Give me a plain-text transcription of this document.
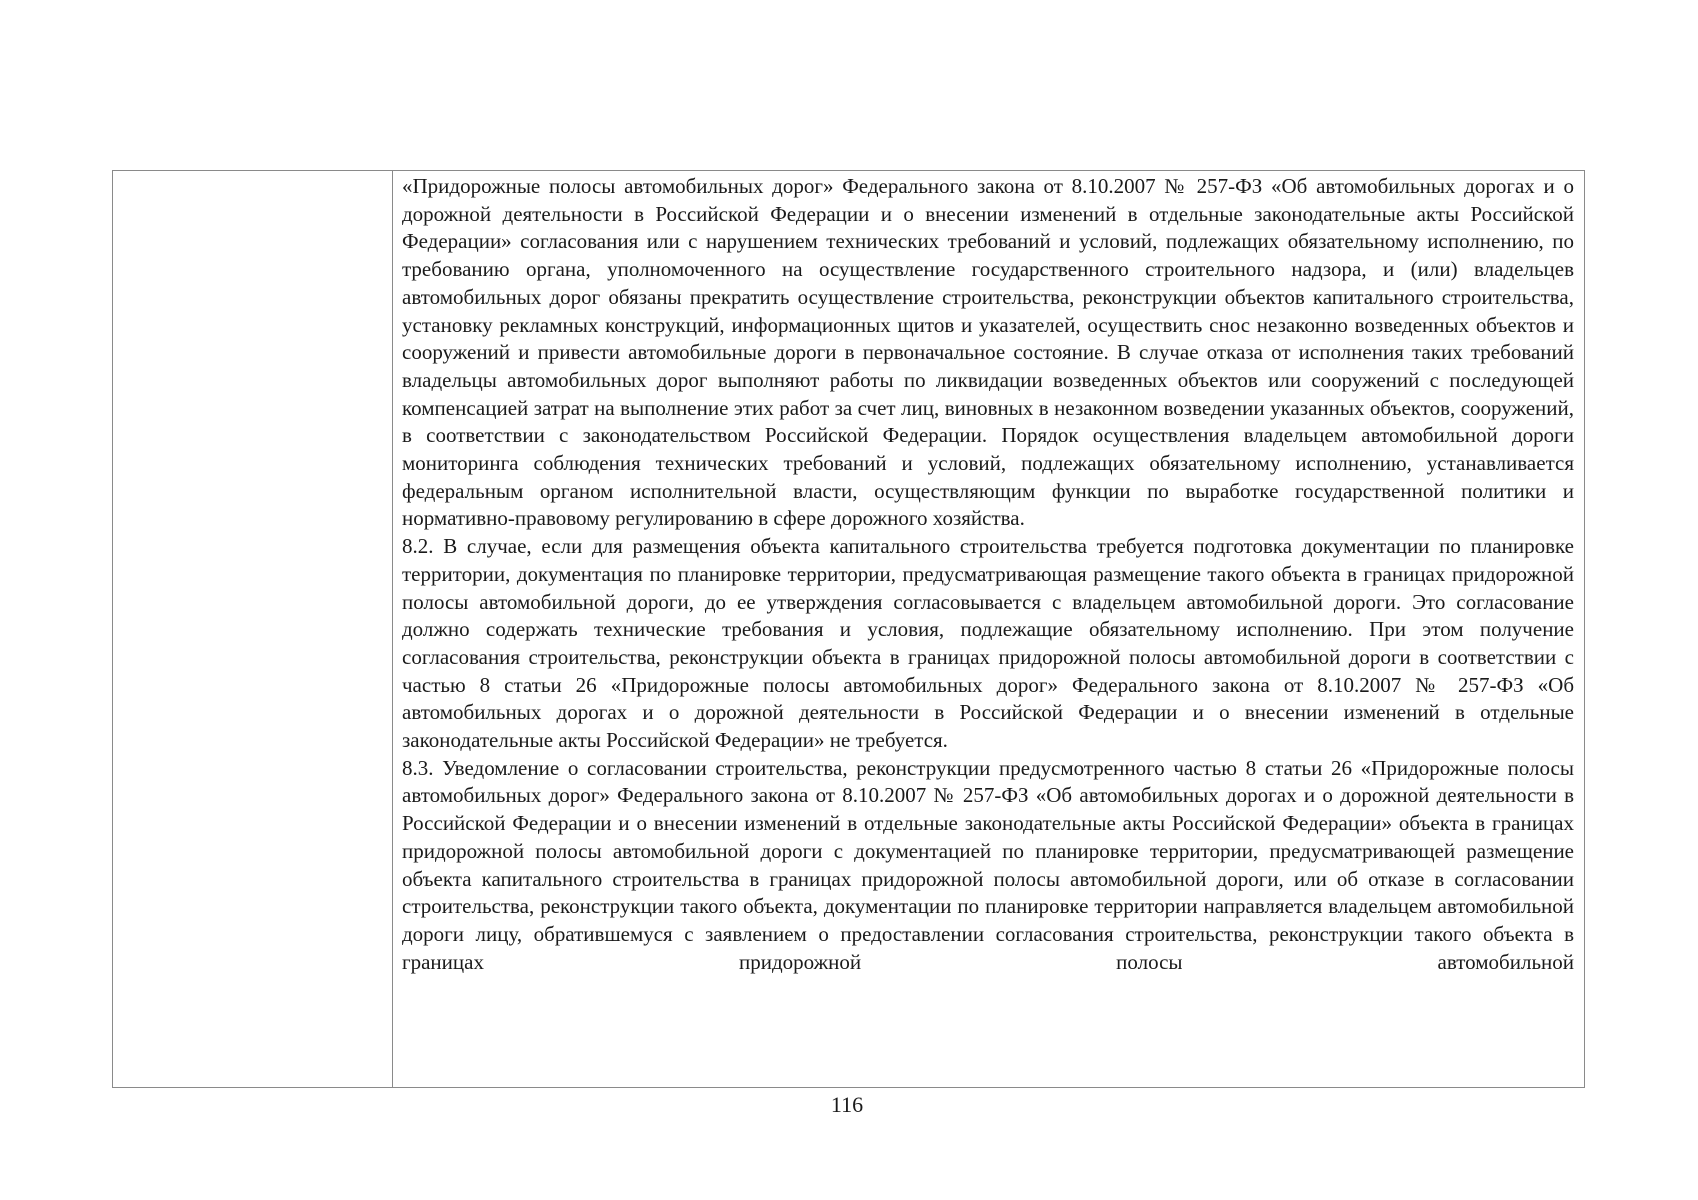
«Придорожные полосы автомобильных дорог» Федерального закона от 8.10.2007 № 257-ФЗ «Об автомобильных дорогах и о дорожной деятельности в Российской Федерации и о внесении изменений в отдельные законодательные акты Российской Федерации» согласования или с нарушением технических требований и условий, подлежащих обязательному исполнению, по требованию органа, уполномоченного на осуществление государственного строительного надзора, и (или) владельцев автомобильных дорог обязаны прекратить осуществление строительства, реконструкции объектов капитального строительства, установку рекламных конструкций, информационных щитов и указателей, осуществить снос незаконно возведенных объектов и сооружений и привести автомобильные дороги в первоначальное состояние. В случае отказа от исполнения таких требований владельцы автомобильных дорог выполняют работы по ликвидации возведенных объектов или сооружений с последующей компенсацией затрат на выполнение этих работ за счет лиц, виновных в незаконном возведении указанных объектов, сооружений, в соответствии с законодательством Российской Федерации. Порядок осуществления владельцем автомобильной дороги мониторинга соблюдения технических требований и условий, подлежащих обязательному исполнению, устанавливается федеральным органом исполнительной власти, осуществляющим функции по выработке государственной политики и нормативно-правовому регулированию в сфере дорожного хозяйства.

8.2. В случае, если для размещения объекта капитального строительства требуется подготовка документации по планировке территории, документация по планировке территории, предусматривающая размещение такого объекта в границах придорожной полосы автомобильной дороги, до ее утверждения согласовывается с владельцем автомобильной дороги. Это согласование должно содержать технические требования и условия, подлежащие обязательному исполнению. При этом получение согласования строительства, реконструкции объекта в границах придорожной полосы автомобильной дороги в соответствии с частью 8 статьи 26 «Придорожные полосы автомобильных дорог» Федерального закона от 8.10.2007 № 257-ФЗ «Об автомобильных дорогах и о дорожной деятельности в Российской Федерации и о внесении изменений в отдельные законодательные акты Российской Федерации» не требуется.

8.3. Уведомление о согласовании строительства, реконструкции предусмотренного частью 8 статьи 26 «Придорожные полосы автомобильных дорог» Федерального закона от 8.10.2007 № 257-ФЗ «Об автомобильных дорогах и о дорожной деятельности в Российской Федерации и о внесении изменений в отдельные законодательные акты Российской Федерации» объекта в границах придорожной полосы автомобильной дороги с документацией по планировке территории, предусматривающей размещение объекта капитального строительства в границах придорожной полосы автомобильной дороги, или об отказе в согласовании строительства, реконструкции такого объекта, документации по планировке территории направляется владельцем автомобильной дороги лицу, обратившемуся с заявлением о предоставлении согласования строительства, реконструкции такого объекта в границах придорожной полосы автомобильной

116
